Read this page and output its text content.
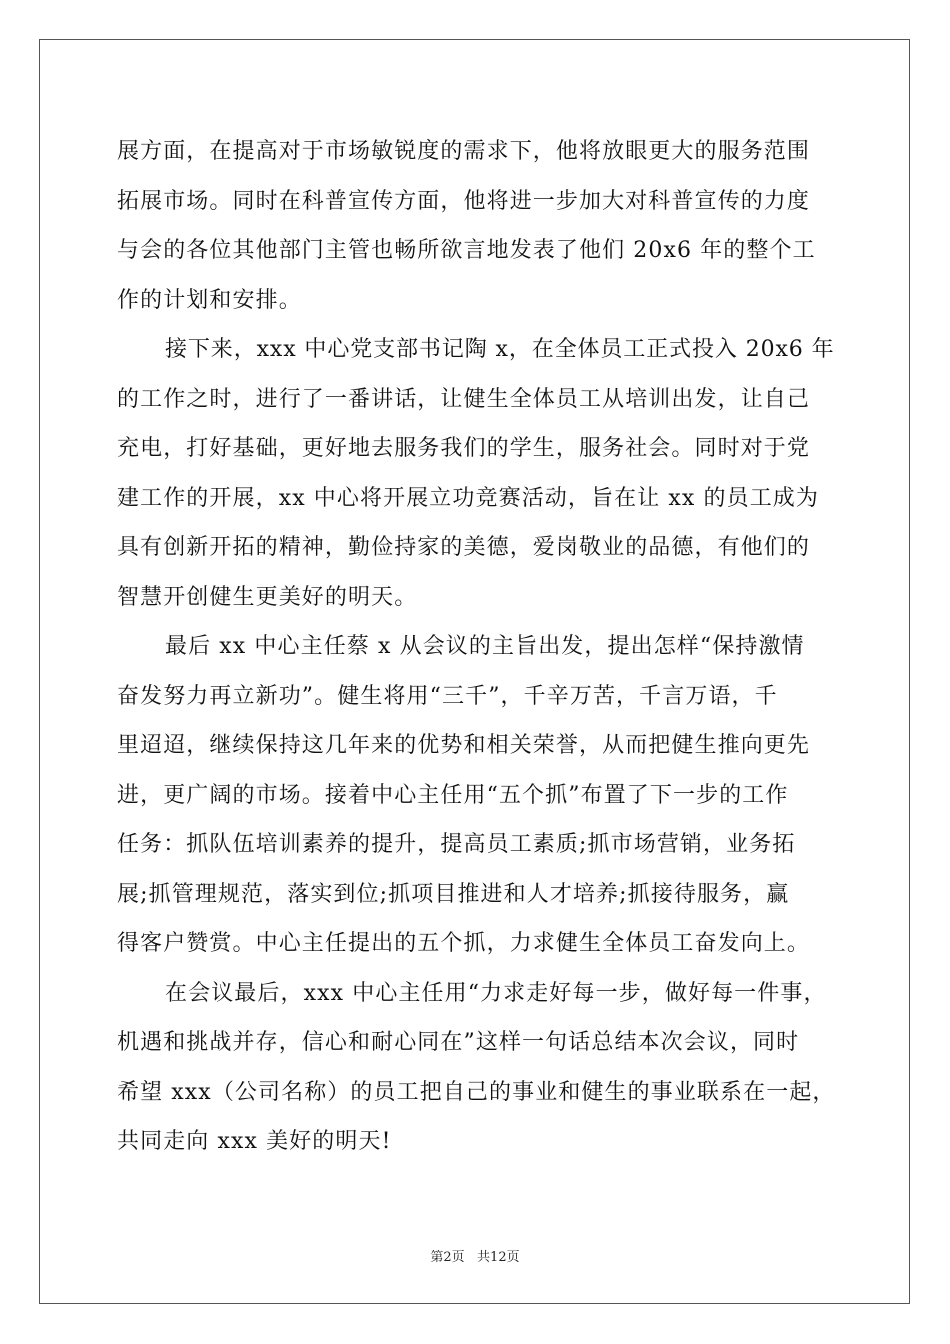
展方面，在提高对于市场敏锐度的需求下，他将放眼更大的服务范围
拓展市场。同时在科普宣传方面，他将进一步加大对科普宣传的力度
与会的各位其他部门主管也畅所欲言地发表了他们 20x6 年的整个工
作的计划和安排。
接下来，xxx 中心党支部书记陶 x，在全体员工正式投入 20x6 年
的工作之时，进行了一番讲话，让健生全体员工从培训出发，让自己
充电，打好基础，更好地去服务我们的学生，服务社会。同时对于党
建工作的开展，xx 中心将开展立功竞赛活动，旨在让 xx 的员工成为
具有创新开拓的精神，勤俭持家的美德，爱岗敬业的品德，有他们的
智慧开创健生更美好的明天。
最后 xx 中心主任蔡 x 从会议的主旨出发，提出怎样“保持激情
奋发努力再立新功”。健生将用“三千”，千辛万苦，千言万语，千
里迢迢，继续保持这几年来的优势和相关荣誉，从而把健生推向更先
进，更广阔的市场。接着中心主任用“五个抓”布置了下一步的工作
任务：抓队伍培训素养的提升，提高员工素质;抓市场营销，业务拓
展;抓管理规范，落实到位;抓项目推进和人才培养;抓接待服务，赢
得客户赞赏。中心主任提出的五个抓，力求健生全体员工奋发向上。
在会议最后，xxx 中心主任用“力求走好每一步，做好每一件事，
机遇和挑战并存，信心和耐心同在”这样一句话总结本次会议，同时
希望 xxx（公司名称）的员工把自己的事业和健生的事业联系在一起，
共同走向 xxx 美好的明天!
第2页   共12页
